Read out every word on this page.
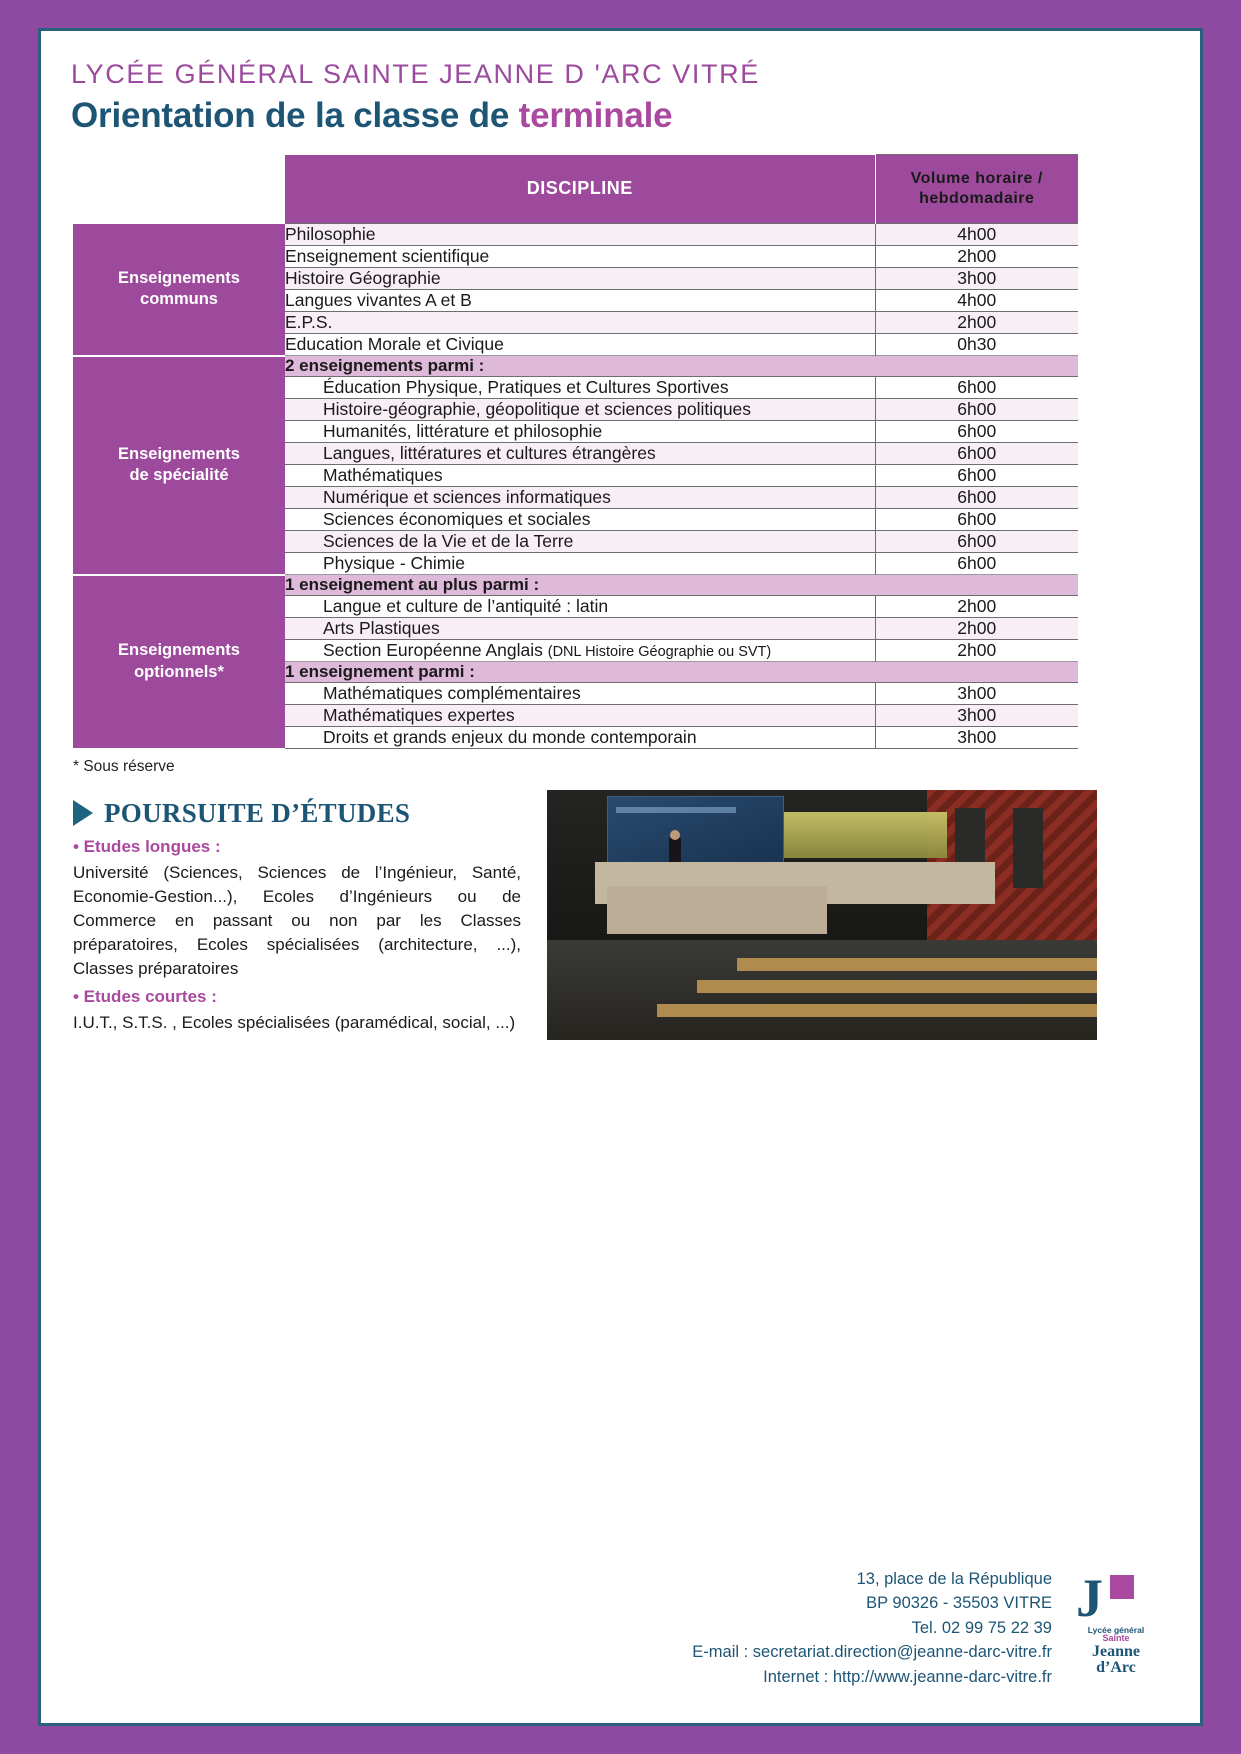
LYCÉE GÉNÉRAL SAINTE JEANNE D 'ARC VITRÉ
Orientation de la classe de terminale
	DISCIPLINE	Volume horaire /
hebdomadaire

Enseignements
communs	Philosophie	4h00
	Enseignement scientifique	2h00
	Histoire Géographie	3h00
	Langues vivantes A et B	4h00
	E.P.S.	2h00
	Education Morale et Civique	0h30

Enseignements
de spécialité	2 enseignements parmi :	
	Éducation Physique, Pratiques et Cultures Sportives	6h00
	Histoire-géographie, géopolitique et sciences politiques	6h00
	Humanités, littérature et philosophie	6h00
	Langues, littératures et cultures étrangères	6h00
	Mathématiques	6h00
	Numérique et sciences informatiques	6h00
	Sciences économiques et sociales	6h00
	Sciences de la Vie et de la Terre	6h00
	Physique - Chimie	6h00

Enseignements
optionnels*	1 enseignement au plus parmi :	
	Langue et culture de l’antiquité : latin	2h00
	Arts Plastiques	2h00
	Section Européenne Anglais (DNL Histoire Géographie ou SVT)	2h00
	1 enseignement parmi :	
	Mathématiques complémentaires	3h00
	Mathématiques expertes	3h00
	Droits et grands enjeux du monde contemporain	3h00
* Sous réserve
POURSUITE D’ÉTUDES
• Etudes longues :

Université (Sciences, Sciences de l’Ingénieur, Santé, Economie-Gestion...), Ecoles d’Ingénieurs ou de Commerce en passant ou non par les Classes préparatoires, Ecoles spécialisées (architecture, ...), Classes préparatoires

• Etudes courtes :

I.U.T., S.T.S. , Ecoles spécialisées (paramédical, social, ...)

13, place de la République
BP 90326 - 35503 VITRE
Tel. 02 99 75 22 39
E-mail : secretariat.direction@jeanne-darc-vitre.fr
Internet : http://www.jeanne-darc-vitre.fr
J
Lycée général
Sainte
Jeanne
d’Arc
